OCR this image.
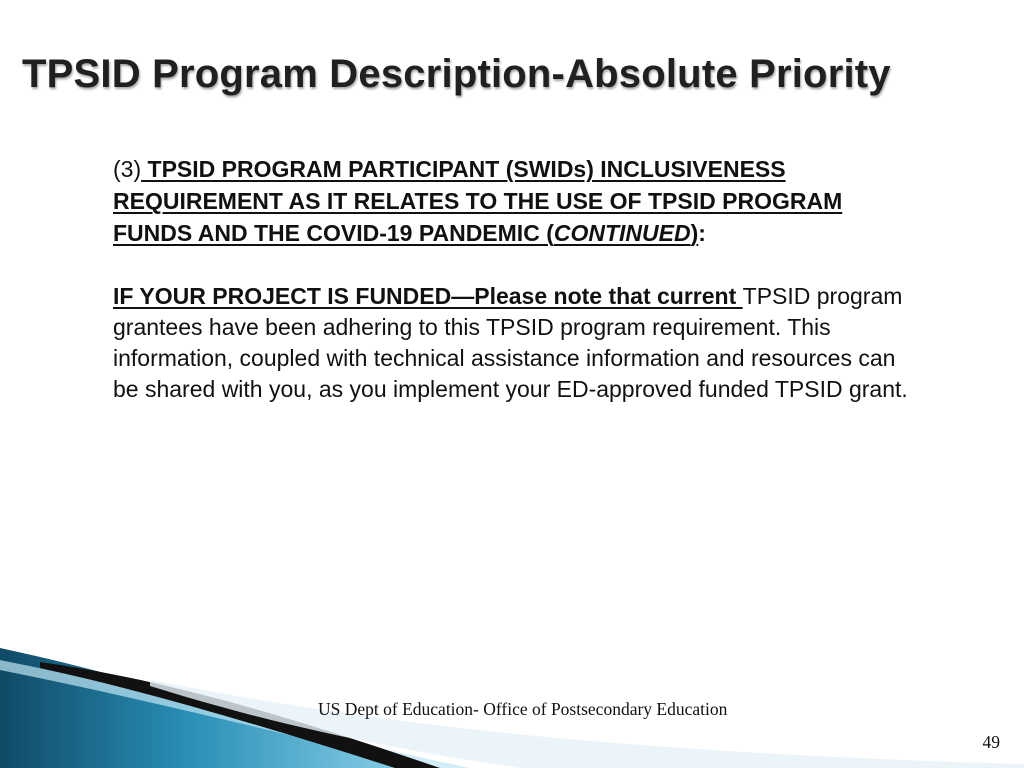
TPSID Program Description-Absolute Priority

(3) TPSID PROGRAM PARTICIPANT (SWIDs) INCLUSIVENESS REQUIREMENT AS IT RELATES TO THE USE OF TPSID PROGRAM FUNDS AND THE COVID-19 PANDEMIC (CONTINUED):

IF YOUR PROJECT IS FUNDED—Please note that current TPSID program grantees have been adhering to this TPSID program requirement. This information, coupled with technical assistance information and resources can be shared with you, as you implement your ED-approved funded TPSID grant.

US Dept of Education- Office of Postsecondary Education
49
